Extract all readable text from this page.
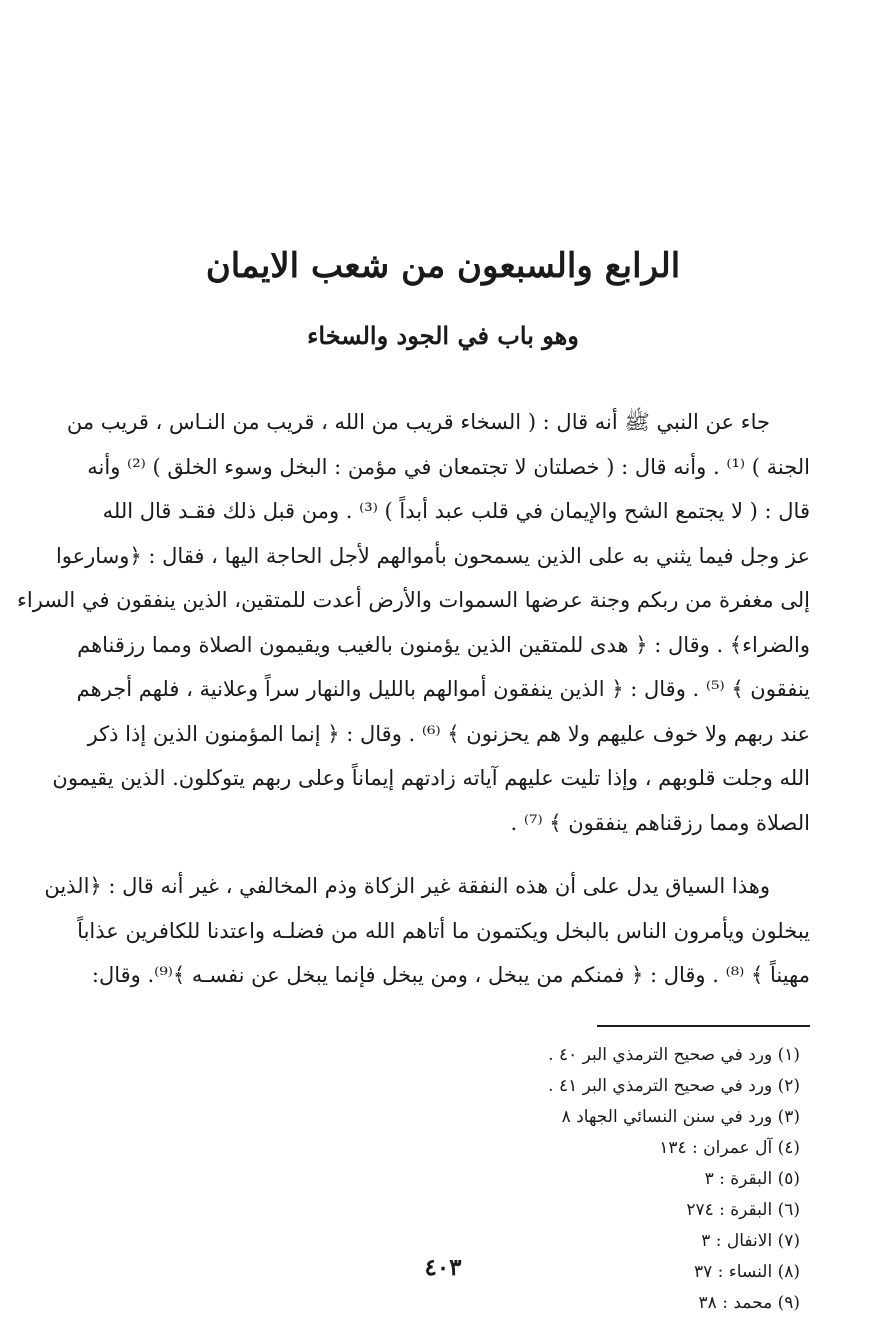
الرابع والسبعون من شعب الايمان
وهو باب في الجود والسخاء
جاء عن النبي ﷺ أنه قال : ( السخاء قريب من الله ، قريب من النـاس ، قريب من
الجنة ) ⁽¹⁾ . وأنه قال : ( خصلتان لا تجتمعان في مؤمن : البخل وسوء الخلق ) ⁽²⁾ وأنه
قال : ( لا يجتمع الشح والإيمان في قلب عبد أبداً ) ⁽³⁾ . ومن قبل ذلك فقـد قال الله
عز وجل فيما يثني به على الذين يسمحون بأموالهم لأجل الحاجة اليها ، فقال : ﴿وسارعوا
إلى مغفرة من ربكم وجنة عرضها السموات والأرض أعدت للمتقين، الذين ينفقون في السراء
والضراء﴾ . وقال : ﴿ هدى للمتقين الذين يؤمنون بالغيب ويقيمون الصلاة ومما رزقناهم
ينفقون ﴾ ⁽⁵⁾ . وقال : ﴿ الذين ينفقون أموالهم بالليل والنهار سراً وعلانية ، فلهم أجرهم
عند ربهم ولا خوف عليهم ولا هم يحزنون ﴾ ⁽⁶⁾ . وقال : ﴿ إنما المؤمنون الذين إذا ذكر
الله وجلت قلوبهم ، وإذا تليت عليهم آياته زادتهم إيماناً وعلى ربهم يتوكلون. الذين يقيمون
الصلاة ومما رزقناهم ينفقون ﴾ ⁽⁷⁾ .
وهذا السياق يدل على أن هذه النفقة غير الزكاة وذم المخالفي ، غير أنه قال : ﴿الذين
يبخلون ويأمرون الناس بالبخل ويكتمون ما أتاهم الله من فضلـه واعتدنا للكافرين عذاباً
مهيناً ﴾ ⁽⁸⁾ . وقال : ﴿ فمنكم من يبخل ، ومن يبخل فإنما يبخل عن نفسـه ﴾⁽⁹⁾. وقال:
(١) ورد في صحيح الترمذي البر ٤٠ .
(٢) ورد في صحيح الترمذي البر ٤١ .
(٣) ورد في سنن النسائي الجهاد ٨
(٤) آل عمران : ١٣٤
(٥) البقرة : ٣
(٦) البقرة : ٢٧٤
(٧) الانفال : ٣
(٨) النساء : ٣٧
(٩) محمد : ٣٨
٤٠٣
